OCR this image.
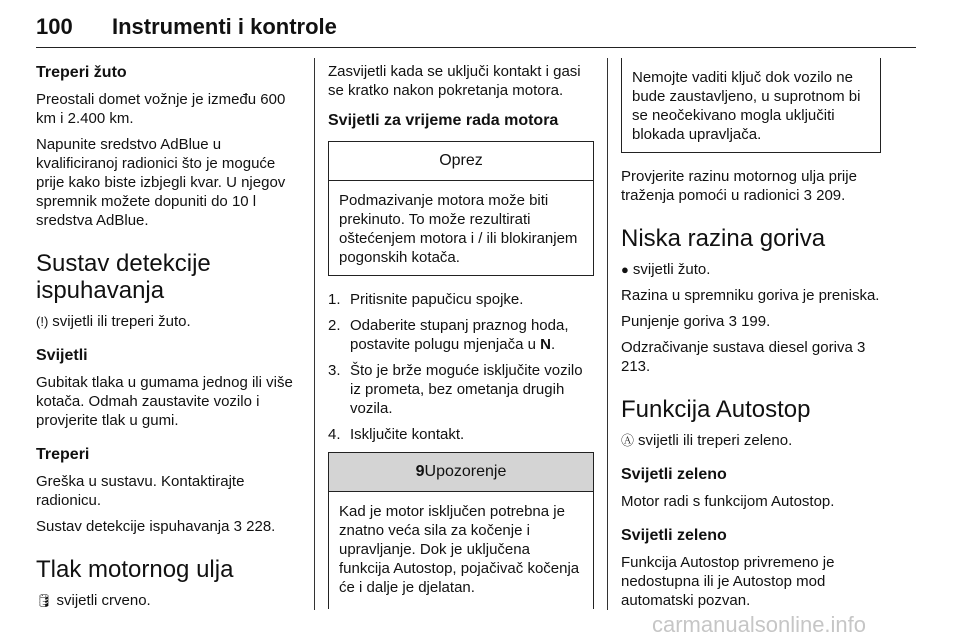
100 Instrumenti i kontrole
Treperi žuto

Preostali domet vožnje je između 600 km i 2.400 km.

Napunite sredstvo AdBlue u kvalificiranoj radionici što je moguće prije kako biste izbjegli kvar. U njegov spremnik možete dopuniti do 10 l sredstva AdBlue.

Sustav detekcije ispuhavanja

(!) svijetli ili treperi žuto.

Svijetli

Gubitak tlaka u gumama jednog ili više kotača. Odmah zaustavite vozilo i provjerite tlak u gumi.

Treperi

Greška u sustavu. Kontaktirajte radionicu.

Sustav detekcije ispuhavanja 3 228.

Tlak motornog ulja

🛢 svijetli crveno.

Zasvijetli kada se uključi kontakt i gasi se kratko nakon pokretanja motora.

Svijetli za vrijeme rada motora
Oprez

Podmazivanje motora može biti prekinuto. To može rezultirati oštećenjem motora i / ili blokiranjem pogonskih kotača.

1. Pritisnite papučicu spojke.
2. Odaberite stupanj praznog hoda, postavite polugu mjenjača u N.
3. Što je brže moguće isključite vozilo iz prometa, bez ometanja drugih vozila.
4. Isključite kontakt.
9Upozorenje

Kad je motor isključen potrebna je znatno veća sila za kočenje i upravljanje. Dok je uključena funkcija Autostop, pojačivač kočenja će i dalje je djelatan.

Nemojte vaditi ključ dok vozilo ne bude zaustavljeno, u suprotnom bi se neočekivano mogla uključiti blokada upravljača.

Provjerite razinu motornog ulja prije traženja pomoći u radionici 3 209.

Niska razina goriva

● svijetli žuto.

Razina u spremniku goriva je preniska.

Punjenje goriva 3 199.

Odzračivanje sustava diesel goriva 3 213.

Funkcija Autostop

Ⓐ svijetli ili treperi zeleno.

Svijetli zeleno

Motor radi s funkcijom Autostop.

Svijetli zeleno

Funkcija Autostop privremeno je nedostupna ili je Autostop mod automatski pozvan.

carmanualsonline.info
